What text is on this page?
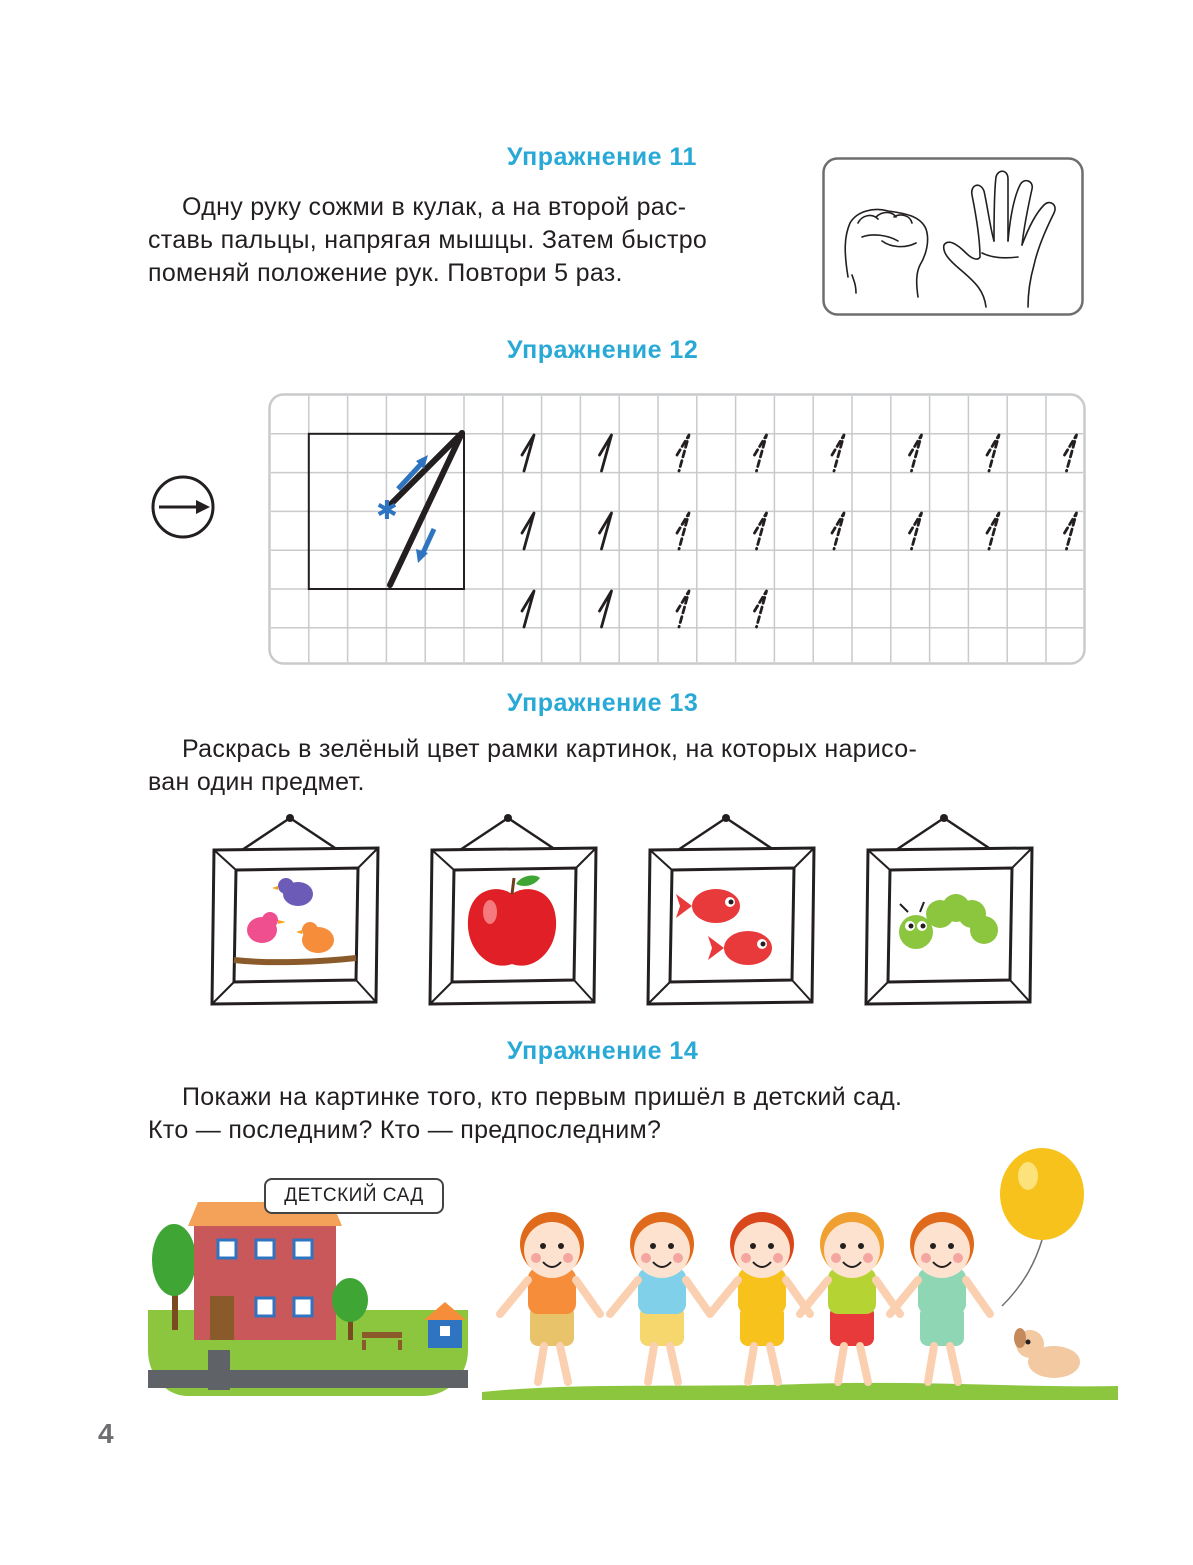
Упражнение 11
Одну руку сожми в кулак, а на второй рас-
ставь пальцы, напрягая мышцы. Затем быстро
поменяй положение рук. Повтори 5 раз.
Упражнение 12
✱
Упражнение 13
Раскрась в зелёный цвет рамки картинок, на которых нарисо-
ван один предмет.
Упражнение 14
Покажи на картинке того, кто первым пришёл в детский сад.
Кто — последним? Кто — предпоследним?
ДЕТСКИЙ САД
4
